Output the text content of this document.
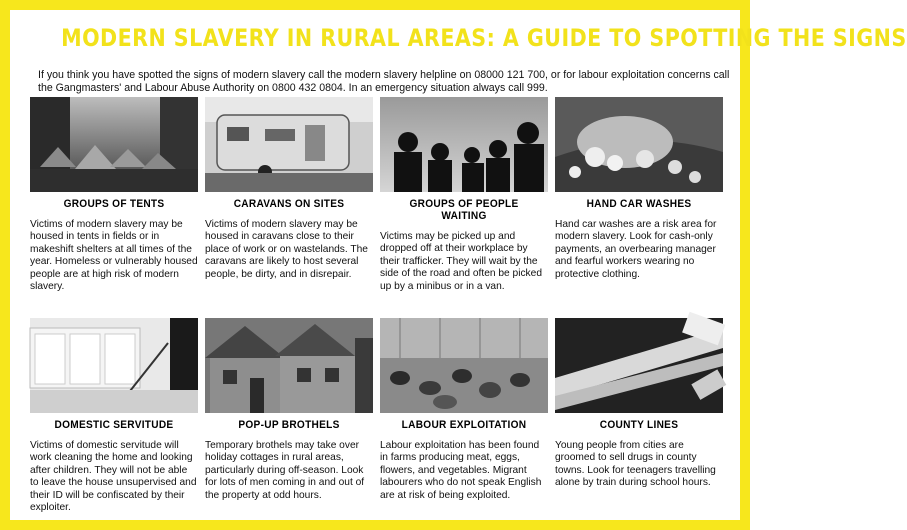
MODERN SLAVERY IN RURAL AREAS: A GUIDE TO SPOTTING THE SIGNS
If you think you have spotted the signs of modern slavery call the modern slavery helpline on 08000 121 700, or for labour exploitation concerns call the Gangmasters' and Labour Abuse Authority on 0800 432 0804. In an emergency situation always call 999.
GROUPS OF TENTS
Victims of modern slavery may be housed in tents in fields or in makeshift shelters at all times of the year. Homeless or vulnerably housed people are at high risk of modern slavery.
CARAVANS ON SITES
Victims of modern slavery may be housed in caravans close to their place of work or on wastelands. The caravans are likely to host several people, be dirty, and in disrepair.
GROUPS OF PEOPLE WAITING
Victims may be picked up and dropped off at their workplace by their trafficker. They will wait by the side of the road and often be picked up by a minibus or in a van.
HAND CAR WASHES
Hand car washes are a risk area for modern slavery. Look for cash-only payments, an overbearing manager and fearful workers wearing no protective clothing.
DOMESTIC SERVITUDE
Victims of domestic servitude will work cleaning the home and looking after children. They will not be able to leave the house unsupervised and their ID will be confiscated by their exploiter.
POP-UP BROTHELS
Temporary brothels may take over holiday cottages in rural areas, particularly during off-season. Look for lots of men coming in and out of the property at odd hours.
LABOUR EXPLOITATION
Labour exploitation has been found in farms producing meat, eggs, flowers, and vegetables. Migrant labourers who do not speak English are at risk of being exploited.
COUNTY LINES
Young people from cities are groomed to sell drugs in county towns. Look for teenagers travelling alone by train during school hours.
